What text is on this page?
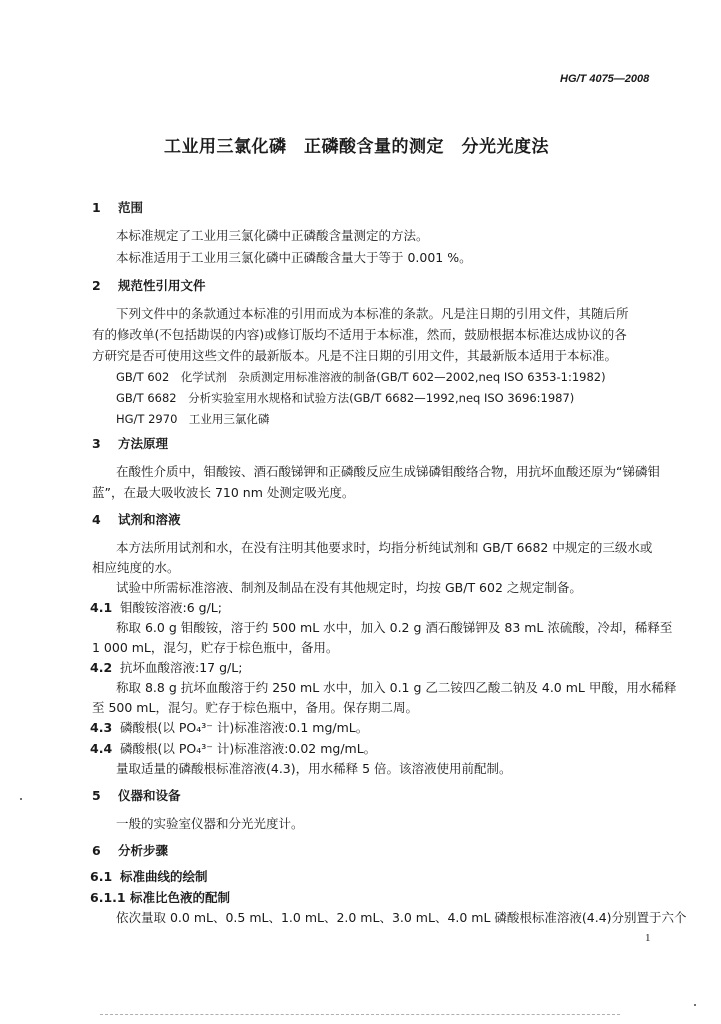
HG/T 4075—2008
工业用三氯化磷　正磷酸含量的测定　分光光度法
1 范围
本标准规定了工业用三氯化磷中正磷酸含量测定的方法。
本标准适用于工业用三氯化磷中正磷酸含量大于等于 0.001 %。
2 规范性引用文件
下列文件中的条款通过本标准的引用而成为本标准的条款。凡是注日期的引用文件，其随后所
有的修改单(不包括勘误的内容)或修订版均不适用于本标准，然而，鼓励根据本标准达成协议的各
方研究是否可使用这些文件的最新版本。凡是不注日期的引用文件，其最新版本适用于本标准。
GB/T 602　化学试剂　杂质测定用标准溶液的制备(GB/T 602—2002,neq ISO 6353-1:1982)
GB/T 6682　分析实验室用水规格和试验方法(GB/T 6682—1992,neq ISO 3696:1987)
HG/T 2970　工业用三氯化磷
3 方法原理
在酸性介质中，钼酸铵、酒石酸锑钾和正磷酸反应生成锑磷钼酸络合物，用抗坏血酸还原为“锑磷钼
蓝”，在最大吸收波长 710 nm 处测定吸光度。
4 试剂和溶液
本方法所用试剂和水，在没有注明其他要求时，均指分析纯试剂和 GB/T 6682 中规定的三级水或
相应纯度的水。
试验中所需标准溶液、制剂及制品在没有其他规定时，均按 GB/T 602 之规定制备。
4.1 钼酸铵溶液:6 g/L;
称取 6.0 g 钼酸铵，溶于约 500 mL 水中，加入 0.2 g 酒石酸锑钾及 83 mL 浓硫酸，冷却，稀释至
1 000 mL，混匀，贮存于棕色瓶中，备用。
4.2 抗坏血酸溶液:17 g/L;
称取 8.8 g 抗坏血酸溶于约 250 mL 水中，加入 0.1 g 乙二铵四乙酸二钠及 4.0 mL 甲酸，用水稀释
至 500 mL，混匀。贮存于棕色瓶中，备用。保存期二周。
4.3 磷酸根(以 PO₄³⁻ 计)标准溶液:0.1 mg/mL。
4.4 磷酸根(以 PO₄³⁻ 计)标准溶液:0.02 mg/mL。
量取适量的磷酸根标准溶液(4.3)，用水稀释 5 倍。该溶液使用前配制。
5 仪器和设备
一般的实验室仪器和分光光度计。
6 分析步骤
6.1 标准曲线的绘制
6.1.1 标准比色液的配制
依次量取 0.0 mL、0.5 mL、1.0 mL、2.0 mL、3.0 mL、4.0 mL 磷酸根标准溶液(4.4)分别置于六个
1
